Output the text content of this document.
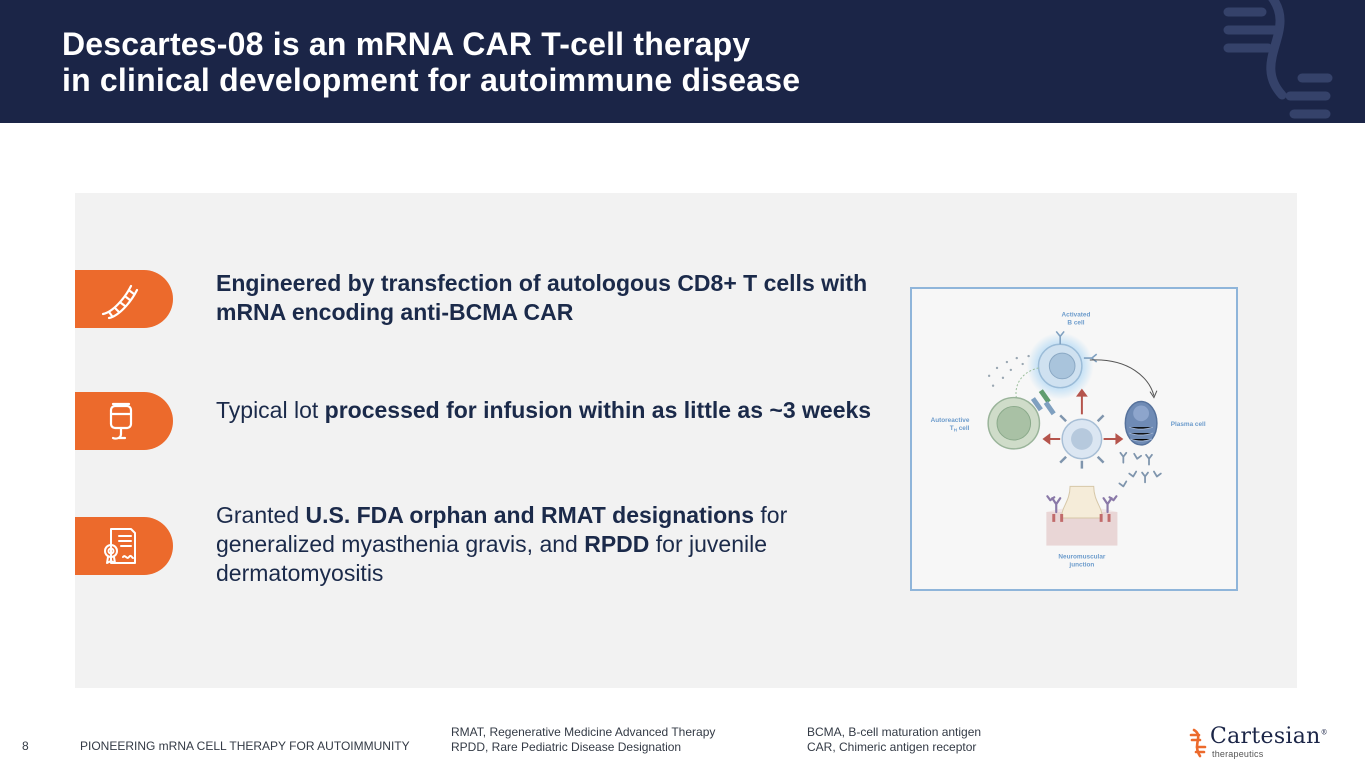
Descartes-08 is an mRNA CAR T-cell therapy
in clinical development for autoimmune disease

Engineered by transfection of autologous CD8+ T cells with mRNA encoding anti-BCMA CAR

Typical lot processed for infusion within as little as ~3 weeks

Granted U.S. FDA orphan and RMAT designations for generalized myasthenia gravis, and RPDD for juvenile dermatomyositis

Activated
B cell
Autoreactive
$T_H$ cell
Plasma cell
Neuromuscular
junction
8	PIONEERING mRNA CELL THERAPY FOR AUTOIMMUNITY
RMAT, Regenerative Medicine Advanced Therapy
RPDD, Rare Pediatric Disease Designation
BCMA, B-cell maturation antigen
CAR, Chimeric antigen receptor	Cartesian®
therapeutics
